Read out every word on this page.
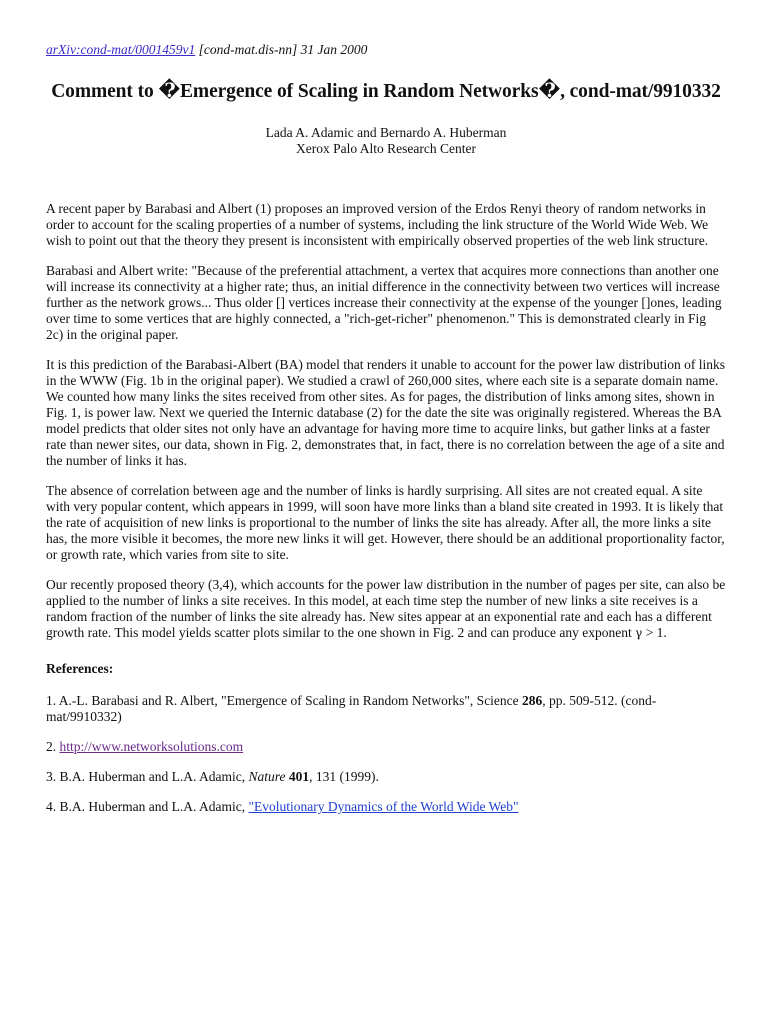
arXiv:cond-mat/0001459v1 [cond-mat.dis-nn] 31 Jan 2000

Comment to �Emergence of Scaling in Random Networks�, cond-mat/9910332
Lada A. Adamic and Bernardo A. Huberman
Xerox Palo Alto Research Center

A recent paper by Barabasi and Albert (1) proposes an improved version of the Erdos Renyi theory of random networks in order to account for the scaling properties of a number of systems, including the link structure of the World Wide Web. We wish to point out that the theory they present is inconsistent with empirically observed properties of the web link structure.

Barabasi and Albert write: "Because of the preferential attachment, a vertex that acquires more connections than another one will increase its connectivity at a higher rate; thus, an initial difference in the connectivity between two vertices will increase further as the network grows... Thus older [] vertices increase their connectivity at the expense of the younger []ones, leading over time to some vertices that are highly connected, a "rich-get-richer" phenomenon." This is demonstrated clearly in Fig 2c) in the original paper.

It is this prediction of the Barabasi-Albert (BA) model that renders it unable to account for the power law distribution of links in the WWW (Fig. 1b in the original paper). We studied a crawl of 260,000 sites, where each site is a separate domain name. We counted how many links the sites received from other sites. As for pages, the distribution of links among sites, shown in Fig. 1, is power law. Next we queried the Internic database (2) for the date the site was originally registered. Whereas the BA model predicts that older sites not only have an advantage for having more time to acquire links, but gather links at a faster rate than newer sites, our data, shown in Fig. 2, demonstrates that, in fact, there is no correlation between the age of a site and the number of links it has.

The absence of correlation between age and the number of links is hardly surprising. All sites are not created equal. A site with very popular content, which appears in 1999, will soon have more links than a bland site created in 1993. It is likely that the rate of acquisition of new links is proportional to the number of links the site has already. After all, the more links a site has, the more visible it becomes, the more new links it will get. However, there should be an additional proportionality factor, or growth rate, which varies from site to site.

Our recently proposed theory (3,4), which accounts for the power law distribution in the number of pages per site, can also be applied to the number of links a site receives. In this model, at each time step the number of new links a site receives is a random fraction of the number of links the site already has. New sites appear at an exponential rate and each has a different growth rate. This model yields scatter plots similar to the one shown in Fig. 2 and can produce any exponent γ > 1.

References:

1. A.-L. Barabasi and R. Albert, "Emergence of Scaling in Random Networks", Science 286, pp. 509-512. (cond-mat/9910332)

2. http://www.networksolutions.com

3. B.A. Huberman and L.A. Adamic, Nature 401, 131 (1999).

4. B.A. Huberman and L.A. Adamic, "Evolutionary Dynamics of the World Wide Web"
